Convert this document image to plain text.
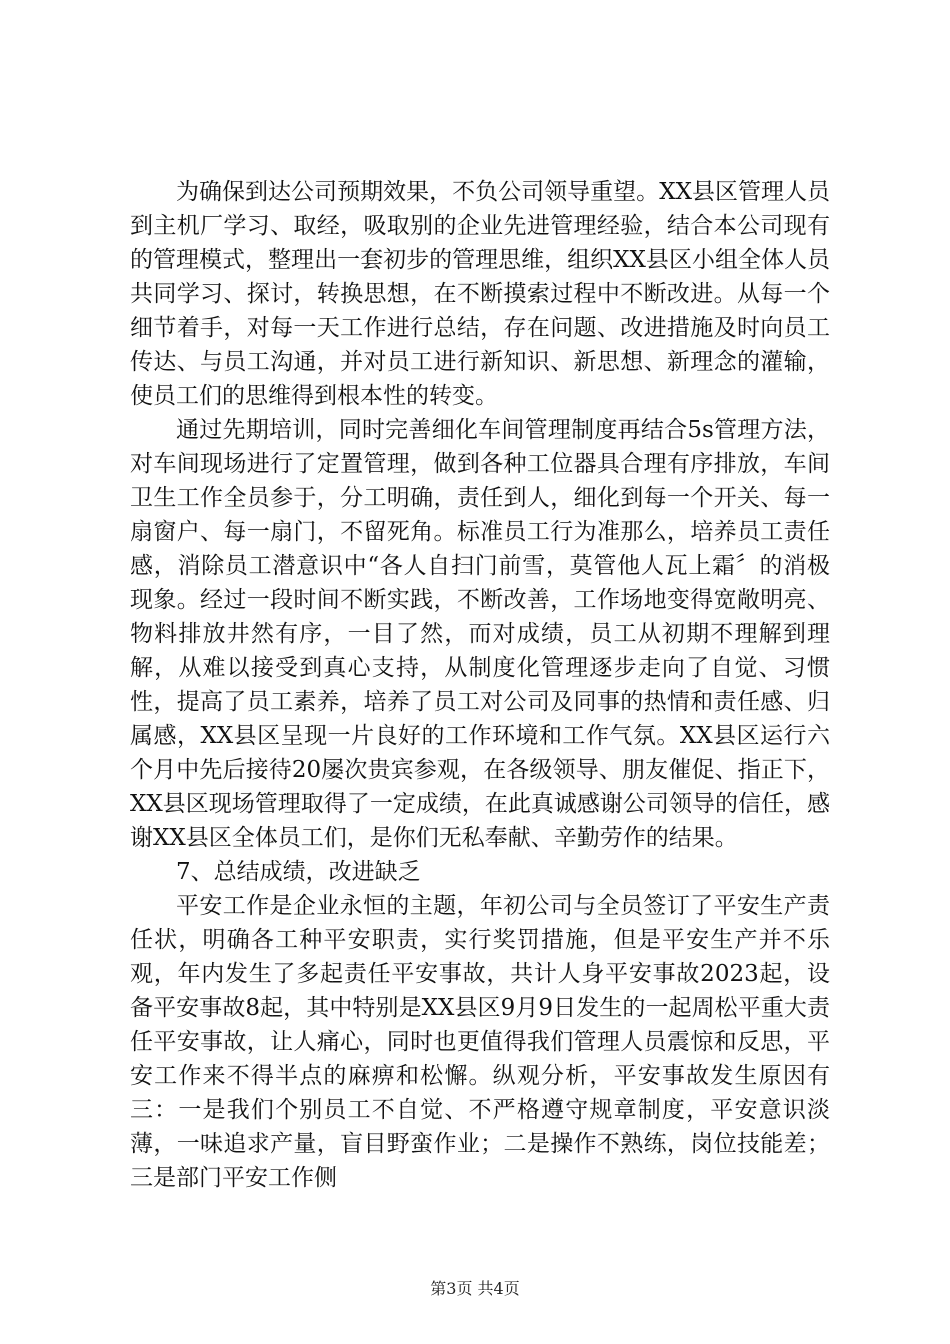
为确保到达公司预期效果，不负公司领导重望。XX县区管理人员到主机厂学习、取经，吸取别的企业先进管理经验，结合本公司现有的管理模式，整理出一套初步的管理思维，组织XX县区小组全体人员共同学习、探讨，转换思想，在不断摸索过程中不断改进。从每一个细节着手，对每一天工作进行总结，存在问题、改进措施及时向员工传达、与员工沟通，并对员工进行新知识、新思想、新理念的灌输，使员工们的思维得到根本性的转变。

通过先期培训，同时完善细化车间管理制度再结合5s管理方法，对车间现场进行了定置管理，做到各种工位器具合理有序排放，车间卫生工作全员参于，分工明确，责任到人，细化到每一个开关、每一扇窗户、每一扇门，不留死角。标准员工行为准那么，培养员工责任感，消除员工潜意识中“各人自扫门前雪，莫管他人瓦上霜〞的消极现象。经过一段时间不断实践，不断改善，工作场地变得宽敞明亮、物料排放井然有序，一目了然，而对成绩，员工从初期不理解到理解，从难以接受到真心支持，从制度化管理逐步走向了自觉、习惯性，提高了员工素养，培养了员工对公司及同事的热情和责任感、归属感，XX县区呈现一片良好的工作环境和工作气氛。XX县区运行六个月中先后接待20屡次贵宾参观，在各级领导、朋友催促、指正下，XX县区现场管理取得了一定成绩，在此真诚感谢公司领导的信任，感谢XX县区全体员工们，是你们无私奉献、辛勤劳作的结果。

7、总结成绩，改进缺乏

平安工作是企业永恒的主题，年初公司与全员签订了平安生产责任状，明确各工种平安职责，实行奖罚措施，但是平安生产并不乐观，年内发生了多起责任平安事故，共计人身平安事故2023起，设备平安事故8起，其中特别是XX县区9月9日发生的一起周松平重大责任平安事故，让人痛心，同时也更值得我们管理人员震惊和反思，平安工作来不得半点的麻痹和松懈。纵观分析，平安事故发生原因有三：一是我们个别员工不自觉、不严格遵守规章制度，平安意识淡薄，一味追求产量，盲目野蛮作业；二是操作不熟练，岗位技能差；三是部门平安工作侧

第3页 共4页
